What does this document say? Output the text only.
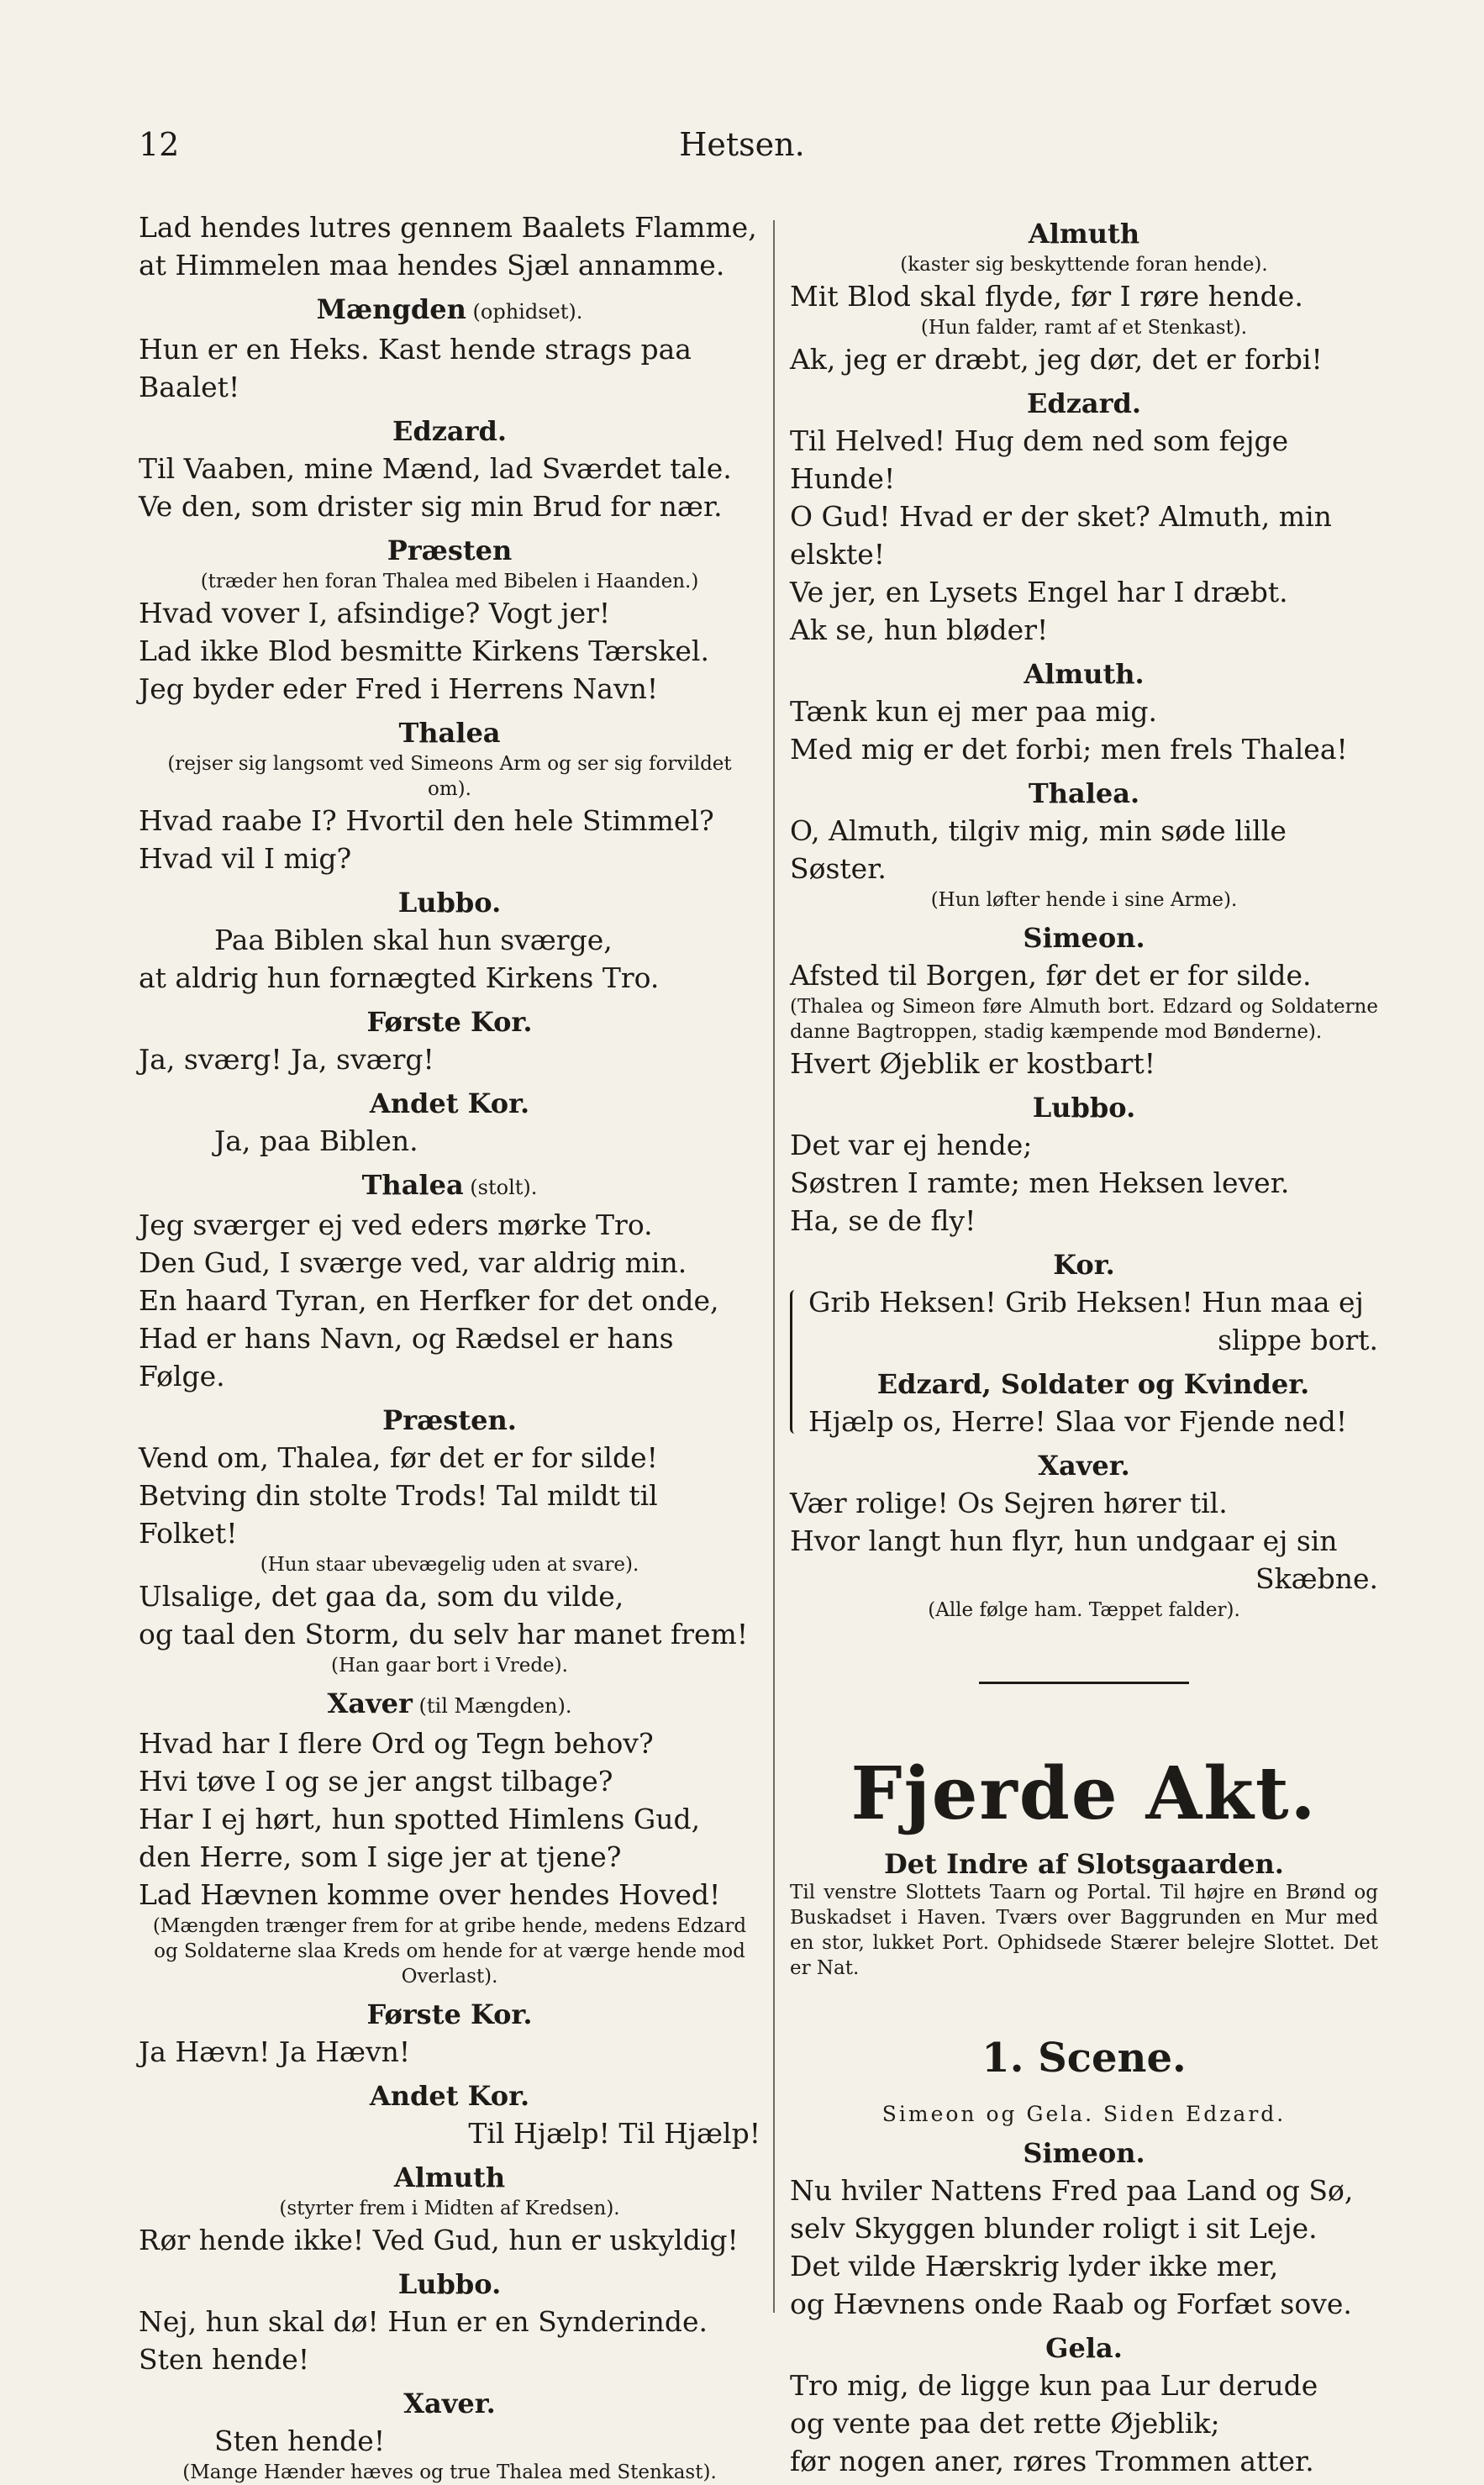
12	Hetsen.
Lad hendes lutres gennem Baalets Flamme,
at Himmelen maa hendes Sjæl annamme.
Mængden (ophidset).
Hun er en Heks. Kast hende strags paa Baalet!
Edzard.
Til Vaaben, mine Mænd, lad Sværdet tale.
Ve den, som drister sig min Brud for nær.
Præsten
(træder hen foran Thalea med Bibelen i Haanden.)
Hvad vover I, afsindige? Vogt jer!
Lad ikke Blod besmitte Kirkens Tærskel.
Jeg byder eder Fred i Herrens Navn!
Thalea
(rejser sig langsomt ved Simeons Arm og ser sig forvildet om).
Hvad raabe I? Hvortil den hele Stimmel?
Hvad vil I mig?
Lubbo.
Paa Biblen skal hun sværge,
at aldrig hun fornægted Kirkens Tro.
Første Kor.
Ja, sværg! Ja, sværg!
Andet Kor.
Ja, paa Biblen.
Thalea (stolt).
Jeg sværger ej ved eders mørke Tro.
Den Gud, I sværge ved, var aldrig min.
En haard Tyran, en Herfker for det onde,
Had er hans Navn, og Rædsel er hans Følge.
Præsten.
Vend om, Thalea, før det er for silde!
Betving din stolte Trods! Tal mildt til Folket!
(Hun staar ubevægelig uden at svare).
Ulsalige, det gaa da, som du vilde,
og taal den Storm, du selv har manet frem!
(Han gaar bort i Vrede).
Xaver (til Mængden).
Hvad har I flere Ord og Tegn behov?
Hvi tøve I og se jer angst tilbage?
Har I ej hørt, hun spotted Himlens Gud,
den Herre, som I sige jer at tjene?
Lad Hævnen komme over hendes Hoved!
(Mængden trænger frem for at gribe hende, medens Edzard og Soldaterne slaa Kreds om hende for at værge hende mod Overlast).
Første Kor.
Ja Hævn! Ja Hævn!
Andet Kor.
Til Hjælp! Til Hjælp!
Almuth
(styrter frem i Midten af Kredsen).
Rør hende ikke! Ved Gud, hun er uskyldig!
Lubbo.
Nej, hun skal dø! Hun er en Synderinde.
Sten hende!
Xaver.
Sten hende!
(Mange Hænder hæves og true Thalea med Stenkast).
Almuth
(kaster sig beskyttende foran hende).
Mit Blod skal flyde, før I røre hende.
(Hun falder, ramt af et Stenkast).
Ak, jeg er dræbt, jeg dør, det er forbi!
Edzard.
Til Helved! Hug dem ned som fejge Hunde!
O Gud! Hvad er der sket? Almuth, min elskte!
Ve jer, en Lysets Engel har I dræbt.
Ak se, hun bløder!
Almuth.
Tænk kun ej mer paa mig.
Med mig er det forbi; men frels Thalea!
Thalea.
O, Almuth, tilgiv mig, min søde lille Søster.
(Hun løfter hende i sine Arme).
Simeon.
Afsted til Borgen, før det er for silde.
(Thalea og Simeon føre Almuth bort. Edzard og Soldaterne danne Bagtroppen, stadig kæmpende mod Bønderne).
Hvert Øjeblik er kostbart!
Lubbo.
Det var ej hende;
Søstren I ramte; men Heksen lever.
Ha, se de fly!
Kor.
Grib Heksen! Grib Heksen! Hun maa ej
slippe bort.
Edzard, Soldater og Kvinder.
Hjælp os, Herre! Slaa vor Fjende ned!
Xaver.
Vær rolige! Os Sejren hører til.
Hvor langt hun flyr, hun undgaar ej sin
Skæbne.
(Alle følge ham. Tæppet falder).
Fjerde Akt.
Det Indre af Slotsgaarden.
Til venstre Slottets Taarn og Portal. Til højre en Brønd og Buskadset i Haven. Tværs over Baggrunden en Mur med en stor, lukket Port. Ophidsede Stærer belejre Slottet. Det er Nat.
1. Scene.
Simeon og Gela. Siden Edzard.
Simeon.
Nu hviler Nattens Fred paa Land og Sø,
selv Skyggen blunder roligt i sit Leje.
Det vilde Hærskrig lyder ikke mer,
og Hævnens onde Raab og Forfæt sove.
Gela.
Tro mig, de ligge kun paa Lur derude
og vente paa det rette Øjeblik;
før nogen aner, røres Trommen atter.
